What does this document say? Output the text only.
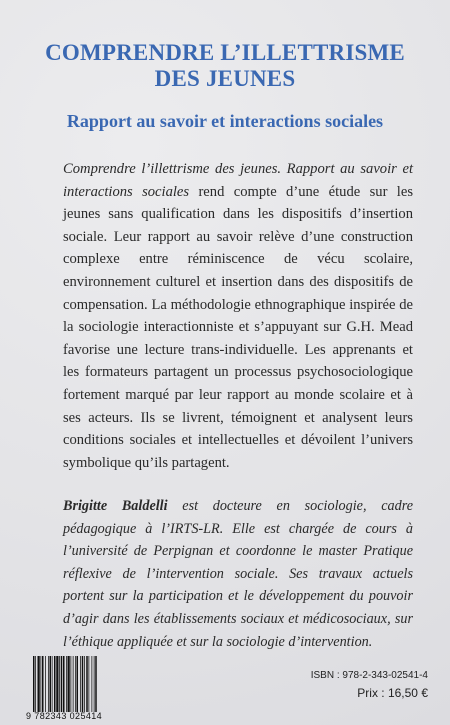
COMPRENDRE L’ILLETTRISME
DES JEUNES
Rapport au savoir et interactions sociales

Comprendre l’illettrisme des jeunes. Rapport au savoir et interactions sociales rend compte d’une étude sur les jeunes sans qualification dans les dispositifs d’insertion sociale. Leur rapport au savoir relève d’une construction complexe entre réminiscence de vécu scolaire, environnement culturel et insertion dans des dispositifs de compensation. La méthodologie ethnographique inspirée de la sociologie interactionniste et s’appuyant sur G.H. Mead favorise une lecture trans-individuelle. Les apprenants et les formateurs partagent un processus psychosociologique fortement marqué par leur rapport au monde scolaire et à ses acteurs. Ils se livrent, témoignent et analysent leurs conditions sociales et intellectuelles et dévoilent l’univers symbolique qu’ils partagent.

Brigitte Baldelli est docteure en sociologie, cadre pédagogique à l’IRTS-LR. Elle est chargée de cours à l’université de Perpignan et coordonne le master Pratique réflexive de l’intervention sociale. Ses travaux actuels portent sur la participation et le développement du pouvoir d’agir dans les établissements sociaux et médicosociaux, sur l’éthique appliquée et sur la sociologie d’intervention.

9 782343 025414
ISBN : 978-2-343-02541-4
Prix : 16,50 €
